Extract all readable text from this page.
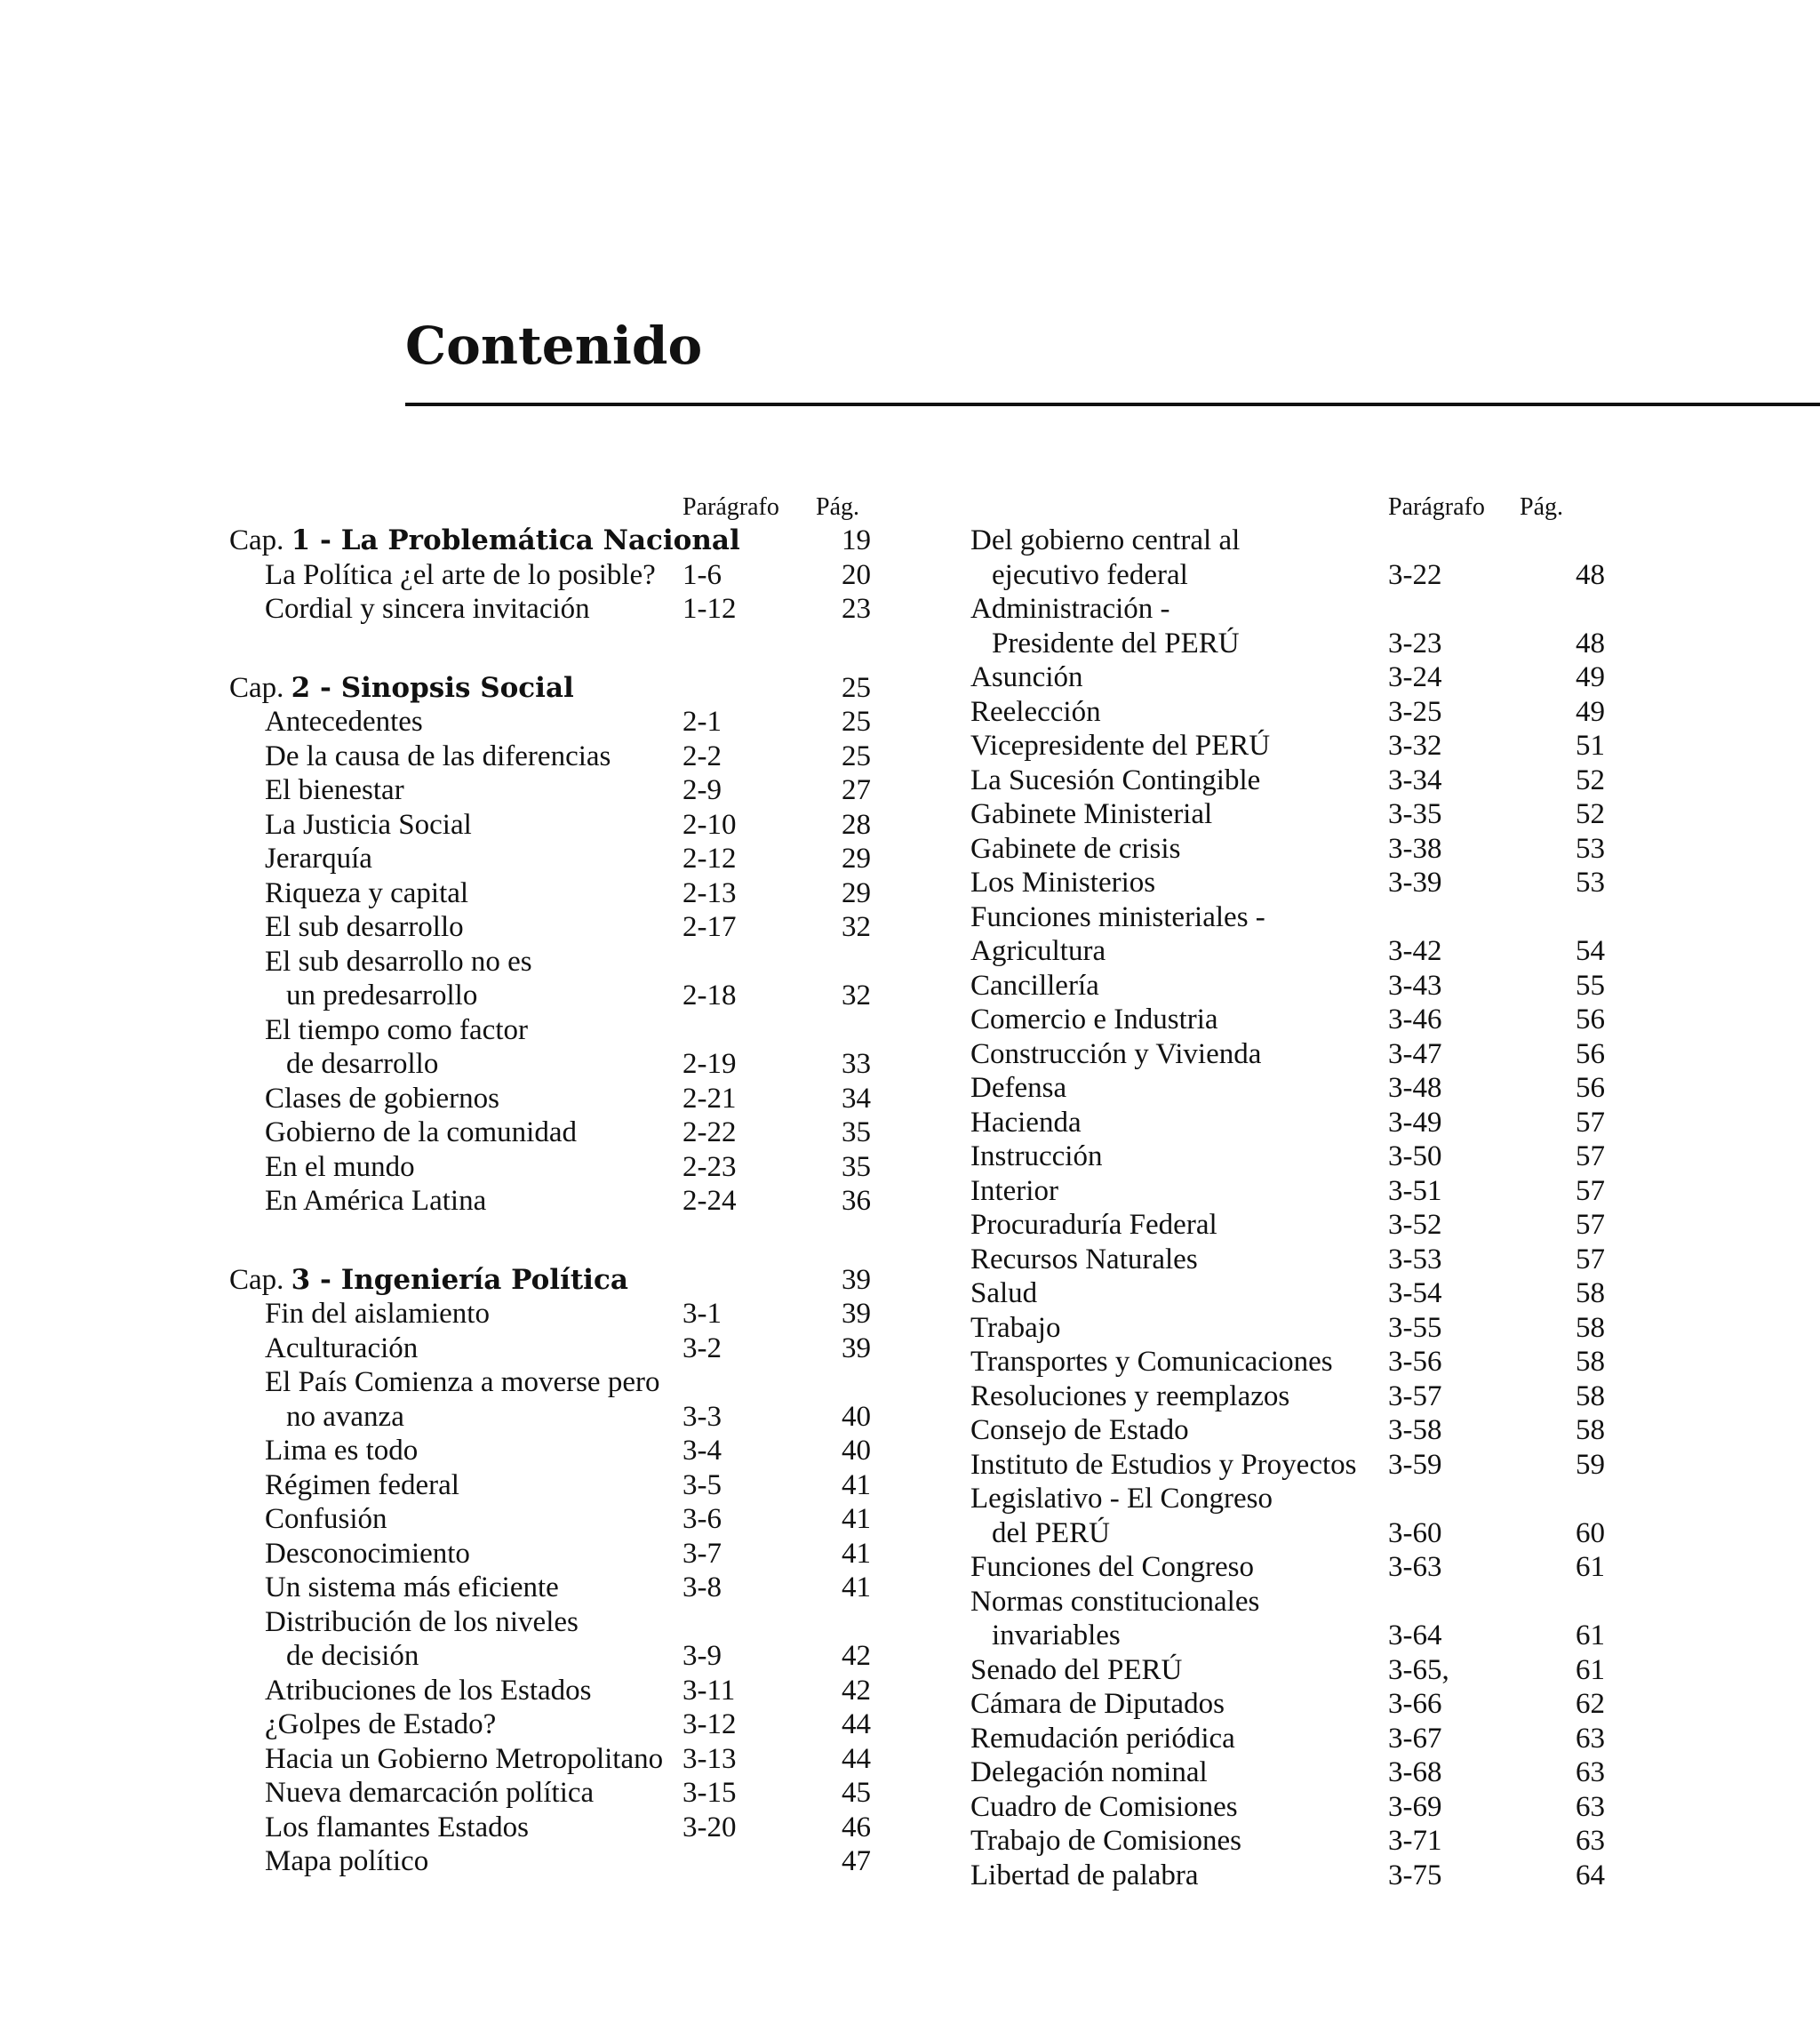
Contenido
Parágrafo Pág.
Cap. 1 - La Problemática Nacional	19
La Política ¿el arte de lo posible? 1-6	20
Cordial y sincera invitación	1-12	23
Cap. 2 - Sinopsis Social	25
Antecedentes	2-1	25
De la causa de las diferencias 2-2	25
El bienestar	2-9	27
La Justicia Social	2-10	28
Jerarquía	2-12	29
Riqueza y capital	2-13	29
El sub desarrollo	2-17	32
El sub desarrollo no es
un predesarrollo	2-18	32
El tiempo como factor
de desarrollo	2-19	33
Clases de gobiernos	2-21	34
Gobierno de la comunidad	2-22	35
En el mundo	2-23	35
En América Latina	2-24	36
Cap. 3 - Ingeniería Política	39
Fin del aislamiento	3-1	39
Aculturación	3-2	39
El País Comienza a moverse pero
no avanza	3-3	40
Lima es todo	3-4	40
Régimen federal	3-5	41
Confusión	3-6	41
Desconocimiento	3-7	41
Un sistema más eficiente	3-8	41
Distribución de los niveles
de decisión	3-9	42
Atribuciones de los Estados	3-11	42
¿Golpes de Estado?	3-12	44
Hacia un Gobierno Metropolitano 3-13	44
Nueva demarcación política	3-15	45
Los flamantes Estados	3-20	46
Mapa político	47
Parágrafo Pág.
Del gobierno central al
ejecutivo federal	3-22	48
Administración -
Presidente del PERÚ	3-23	48
Asunción	3-24	49
Reelección	3-25	49
Vicepresidente del PERÚ	3-32	51
La Sucesión Contingible	3-34	52
Gabinete Ministerial	3-35	52
Gabinete de crisis	3-38	53
Los Ministerios	3-39	53
Funciones ministeriales -
Agricultura	3-42	54
Cancillería	3-43	55
Comercio e Industria	3-46	56
Construcción y Vivienda	3-47	56
Defensa	3-48	56
Hacienda	3-49	57
Instrucción	3-50	57
Interior	3-51	57
Procuraduría Federal	3-52	57
Recursos Naturales	3-53	57
Salud	3-54	58
Trabajo	3-55	58
Transportes y Comunicaciones 3-56	58
Resoluciones y reemplazos	3-57	58
Consejo de Estado	3-58	58
Instituto de Estudios y Proyectos 3-59	59
Legislativo - El Congreso
del PERÚ	3-60	60
Funciones del Congreso	3-63	61
Normas constitucionales
invariables	3-64	61
Senado del PERÚ	3-65,	61
Cámara de Diputados	3-66	62
Remudación periódica	3-67	63
Delegación nominal	3-68	63
Cuadro de Comisiones	3-69	63
Trabajo de Comisiones	3-71	63
Libertad de palabra	3-75	64
